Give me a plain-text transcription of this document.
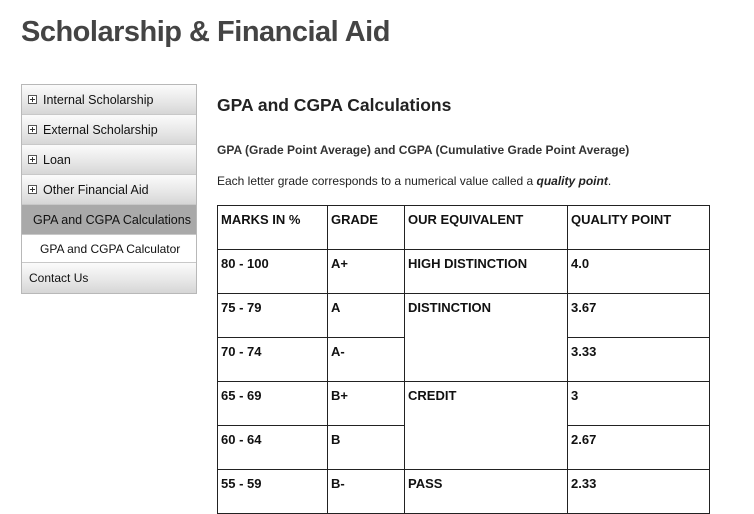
Scholarship & Financial Aid
Internal Scholarship
External Scholarship
Loan
Other Financial Aid
GPA and CGPA Calculations
GPA and CGPA Calculator
Contact Us
GPA and CGPA Calculations
GPA (Grade Point Average) and CGPA (Cumulative Grade Point Average)
Each letter grade corresponds to a numerical value called a quality point.
MARKS IN %	GRADE	OUR EQUIVALENT	QUALITY POINT
80 - 100	A+	HIGH DISTINCTION	4.0
75 - 79	A	DISTINCTION	3.67
70 - 74	A-		3.33
65 - 69	B+	CREDIT	3
60 - 64	B		2.67
55 - 59	B-	PASS	2.33
